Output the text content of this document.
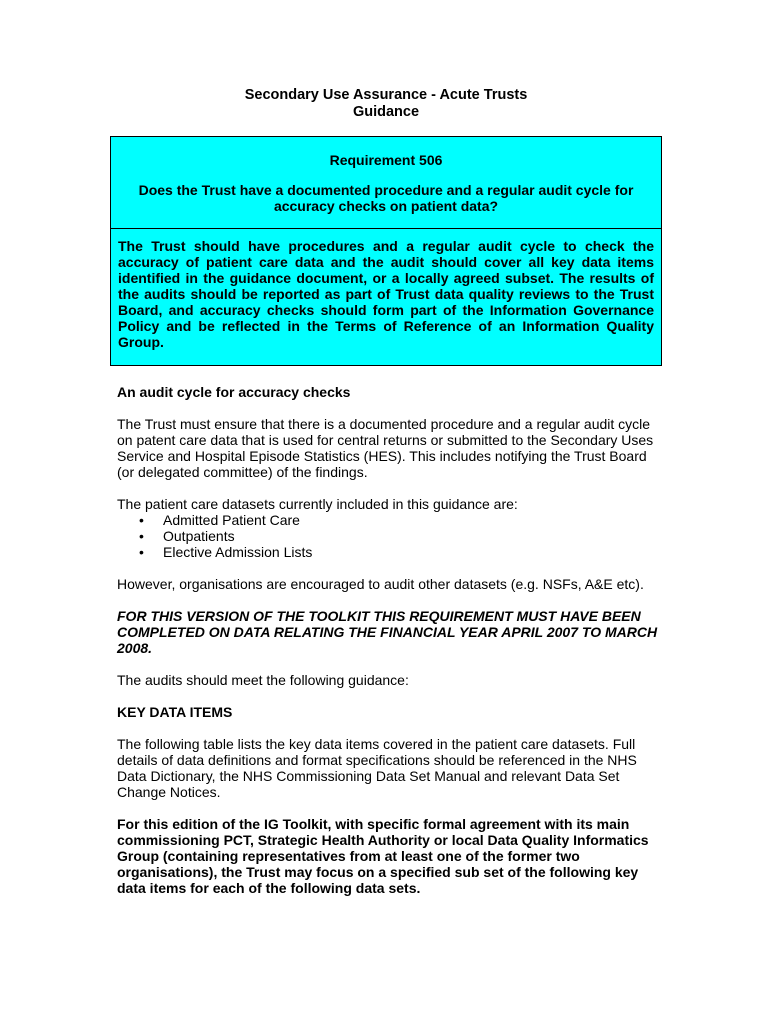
Secondary Use Assurance - Acute Trusts
Guidance
Requirement 506
Does the Trust have a documented procedure and a regular audit cycle for accuracy checks on patient data?
The Trust should have procedures and a regular audit cycle to check the accuracy of patient care data and the audit should cover all key data items identified in the guidance document, or a locally agreed subset. The results of the audits should be reported as part of Trust data quality reviews to the Trust Board, and accuracy checks should form part of the Information Governance Policy and be reflected in the Terms of Reference of an Information Quality Group.

An audit cycle for accuracy checks

The Trust must ensure that there is a documented procedure and a regular audit cycle on patent care data that is used for central returns or submitted to the Secondary Uses Service and Hospital Episode Statistics (HES). This includes notifying the Trust Board (or delegated committee) of the findings.

The patient care datasets currently included in this guidance are:

• Admitted Patient Care
• Outpatients
• Elective Admission Lists

However, organisations are encouraged to audit other datasets (e.g. NSFs, A&E etc).

FOR THIS VERSION OF THE TOOLKIT THIS REQUIREMENT MUST HAVE BEEN COMPLETED ON DATA RELATING THE FINANCIAL YEAR APRIL 2007 TO MARCH 2008.

The audits should meet the following guidance:

KEY DATA ITEMS

The following table lists the key data items covered in the patient care datasets. Full details of data definitions and format specifications should be referenced in the NHS Data Dictionary, the NHS Commissioning Data Set Manual and relevant Data Set Change Notices.

For this edition of the IG Toolkit, with specific formal agreement with its main commissioning PCT, Strategic Health Authority or local Data Quality Informatics Group (containing representatives from at least one of the former two organisations), the Trust may focus on a specified sub set of the following key data items for each of the following data sets.
